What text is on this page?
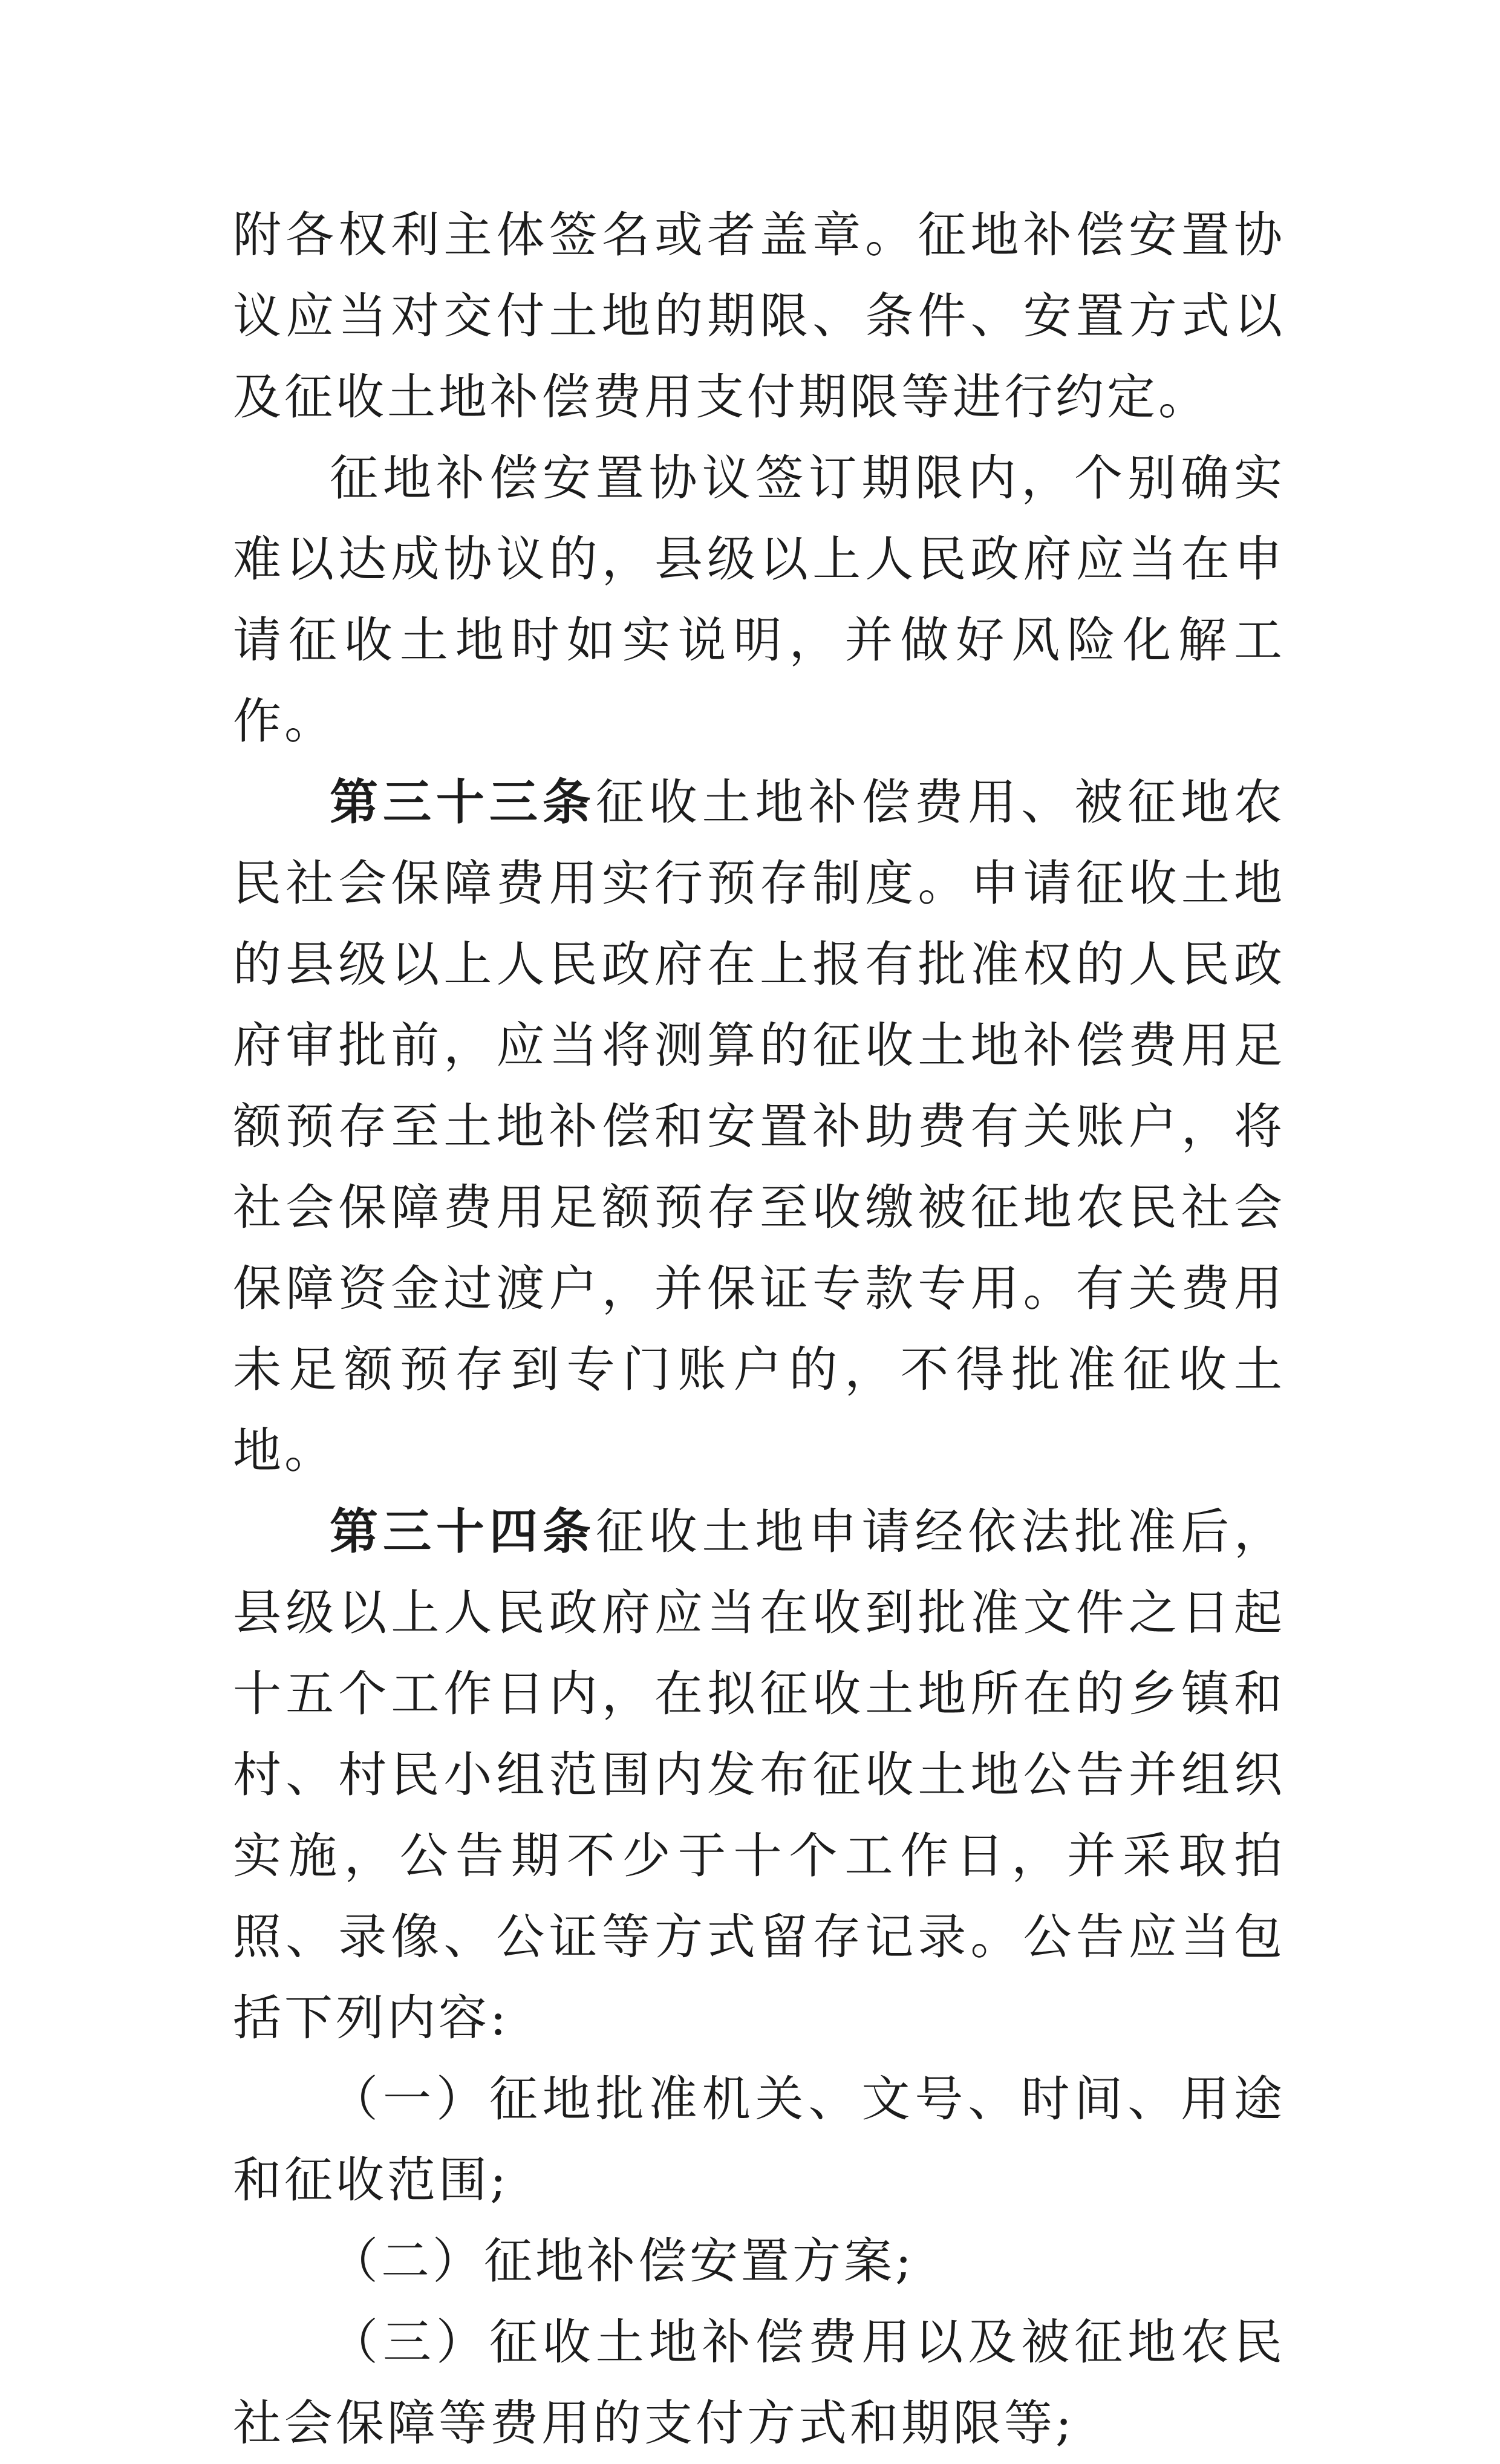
附各权利主体签名或者盖章。征地补偿安置协议应当对交付土地的期限、条件、安置方式以及征收土地补偿费用支付期限等进行约定。

征地补偿安置协议签订期限内，个别确实难以达成协议的，县级以上人民政府应当在申请征收土地时如实说明，并做好风险化解工作。

第三十三条征收土地补偿费用、被征地农民社会保障费用实行预存制度。申请征收土地的县级以上人民政府在上报有批准权的人民政府审批前，应当将测算的征收土地补偿费用足额预存至土地补偿和安置补助费有关账户，将社会保障费用足额预存至收缴被征地农民社会保障资金过渡户，并保证专款专用。有关费用未足额预存到专门账户的，不得批准征收土地。

第三十四条征收土地申请经依法批准后，县级以上人民政府应当在收到批准文件之日起十五个工作日内，在拟征收土地所在的乡镇和村、村民小组范围内发布征收土地公告并组织实施，公告期不少于十个工作日，并采取拍照、录像、公证等方式留存记录。公告应当包括下列内容:

（一）征地批准机关、文号、时间、用途和征收范围;

（二）征地补偿安置方案;

（三）征收土地补偿费用以及被征地农民社会保障等费用的支付方式和期限等;
